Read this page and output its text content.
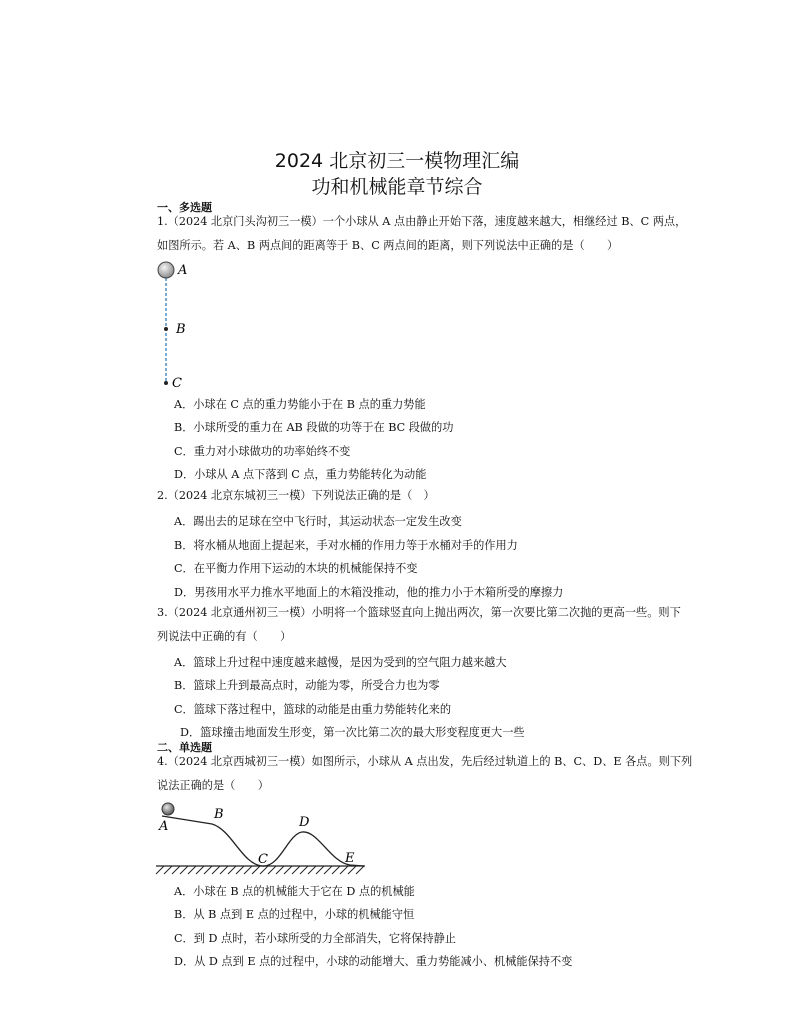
2024 北京初三一模物理汇编
功和机械能章节综合
一、多选题
1.（2024 北京门头沟初三一模）一个小球从 A 点由静止开始下落，速度越来越大，相继经过 B、C 两点，
如图所示。若 A、B 两点间的距离等于 B、C 两点间的距离，则下列说法中正确的是（　　）
A
B
C
A．小球在 C 点的重力势能小于在 B 点的重力势能
B．小球所受的重力在 AB 段做的功等于在 BC 段做的功
C．重力对小球做功的功率始终不变
D．小球从 A 点下落到 C 点，重力势能转化为动能
2.（2024 北京东城初三一模）下列说法正确的是（　）
A．踢出去的足球在空中飞行时，其运动状态一定发生改变
B．将水桶从地面上提起来，手对水桶的作用力等于水桶对手的作用力
C．在平衡力作用下运动的木块的机械能保持不变
D．男孩用水平力推水平地面上的木箱没推动，他的推力小于木箱所受的摩擦力
3.（2024 北京通州初三一模）小明将一个篮球竖直向上抛出两次，第一次要比第二次抛的更高一些。则下
列说法中正确的有（　　）
A．篮球上升过程中速度越来越慢，是因为受到的空气阻力越来越大
B．篮球上升到最高点时，动能为零，所受合力也为零
C．篮球下落过程中，篮球的动能是由重力势能转化来的
D．篮球撞击地面发生形变，第一次比第二次的最大形变程度更大一些
二、单选题
4.（2024 北京西城初三一模）如图所示，小球从 A 点出发，先后经过轨道上的 B、C、D、E 各点。则下列
说法正确的是（　　）
A
B
C
D
E
A．小球在 B 点的机械能大于它在 D 点的机械能
B．从 B 点到 E 点的过程中，小球的机械能守恒
C．到 D 点时，若小球所受的力全部消失，它将保持静止
D．从 D 点到 E 点的过程中，小球的动能增大、重力势能减小、机械能保持不变
